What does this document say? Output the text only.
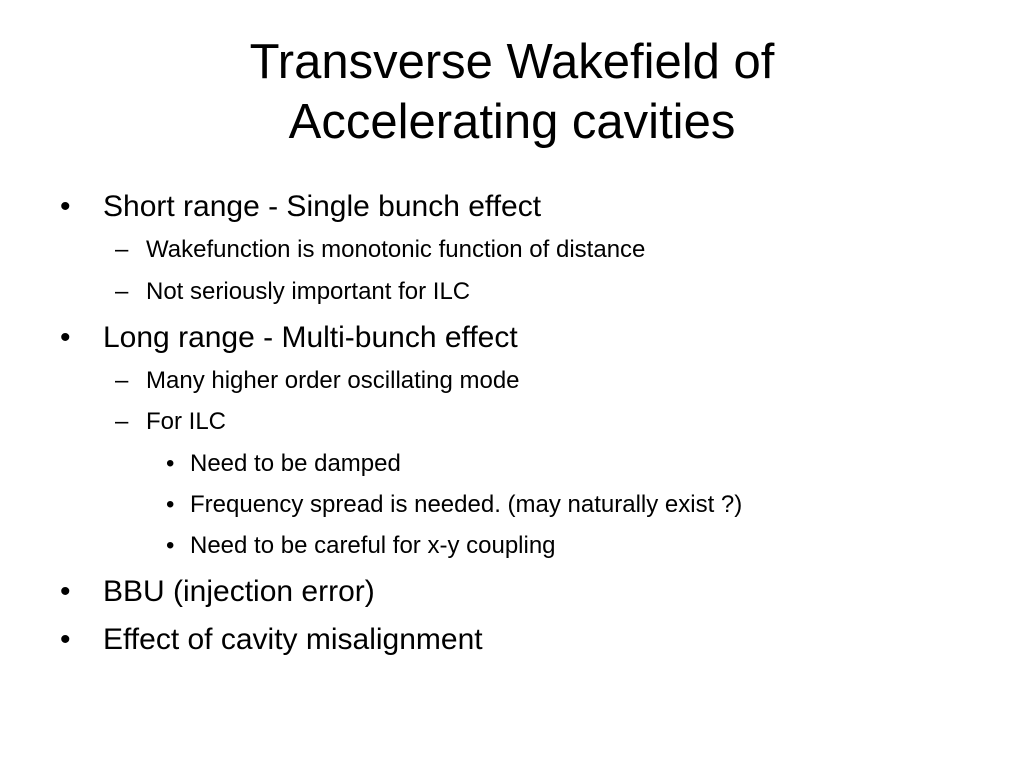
Transverse Wakefield of
Accelerating cavities
• Short range - Single bunch effect
– Wakefunction is monotonic function of distance
– Not seriously important for ILC
• Long range - Multi-bunch effect
– Many higher order oscillating mode
– For ILC
• Need to be damped
• Frequency spread is needed. (may naturally exist ?)
• Need to be careful for x-y coupling
• BBU (injection error)
• Effect of cavity misalignment
